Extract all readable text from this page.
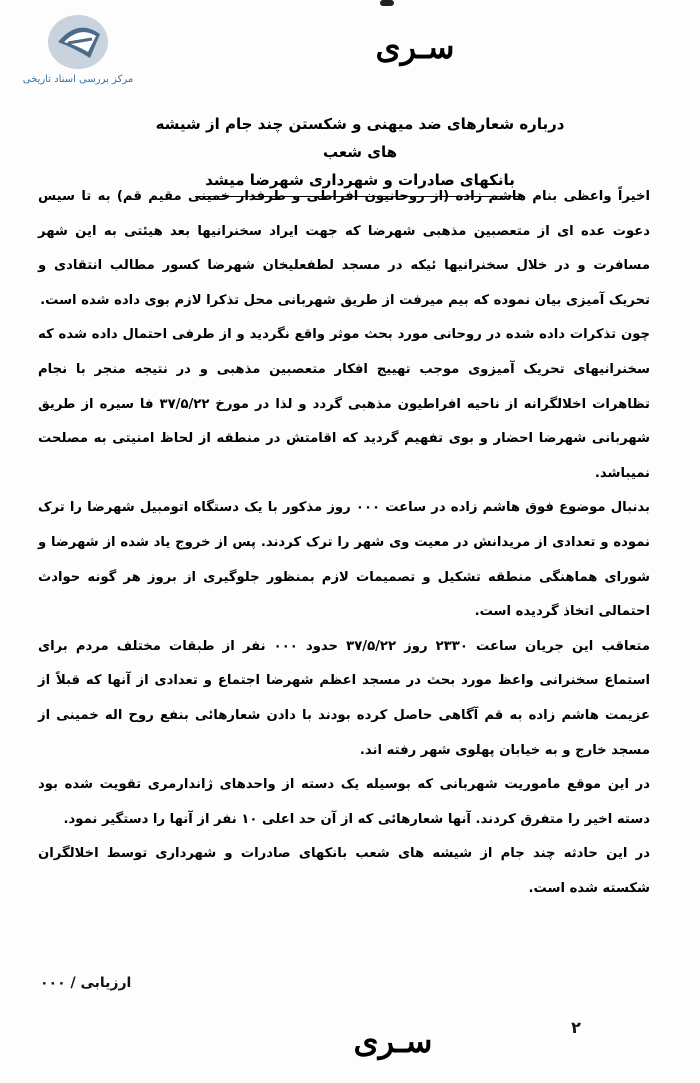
مرکز بررسی اسناد تاریخی
سـری
درباره شعارهای ضد میهنی و شکستن چند جام از شیشه های شعب
بانکهای صادرات و شهرداری شهرضا میشد

اخیراً واعظی بنام هاشم زاده (از روحانیون افراطی و طرفدار خمینی مقیم قم) به تا سیس دعوت عده ای از متعصبین مذهبی شهرضا که جهت ایراد سخنرانیها بعد هیئتی به این شهر مسافرت و در خلال سخنرانیها ئیکه در مسجد لطفعلیخان شهرضا کسور مطالب انتقادی و تحریک آمیزی بیان نموده که بیم میرفت از طریق شهربانی محل تذکرا لازم بوی داده شده است.

چون تذکرات داده شده در روحانی مورد بحث موثر واقع نگردید و از طرفی احتمال داده شده که سخنرانیهای تحریک آمیزوی موجب تهییج افکار متعصبین مذهبی و در نتیجه منجر با نجام تظاهرات اخلالگرانه از ناحیه افراطیون مذهبی گردد و لذا در مورخ ۳۷/۵/۲۲ فا سیره از طریق شهربانی شهرضا احضار و بوی تفهیم گردید که اقامتش در منطقه از لحاظ امنیتی به مصلحت نمیباشد.

بدنبال موضوع فوق هاشم زاده در ساعت ۰۰۰ روز مذکور با یک دستگاه اتومبیل شهرضا را ترک نموده و تعدادی از مریدانش در معیت وی شهر را ترک کردند. پس از خروج یاد شده از شهرضا و شورای هماهنگی منطقه تشکیل و تصمیمات لازم بمنظور جلوگیری از بروز هر گونه حوادث احتمالی اتخاذ گردیده است.

متعاقب این جریان ساعت ۲۳۳۰ روز ۳۷/۵/۲۲ حدود ۰۰۰ نفر از طبقات مختلف مردم برای استماع سخنرانی واعظ مورد بحث در مسجد اعظم شهرضا اجتماع و تعدادی از آنها که قبلاً از عزیمت هاشم زاده به قم آگاهی حاصل کرده بودند با دادن شعارهائی بنفع روح اله خمینی از مسجد خارج و به خیابان پهلوی شهر رفته اند.

در این موقع ماموریت شهربانی که بوسیله یک دسته از واحدهای ژاندارمری تقویت شده بود دسته اخیر را متفرق کردند. آنها شعارهائی که از آن حد اعلی ۱۰ نفر از آنها را دستگیر نمود.

در این حادثه چند جام از شیشه های شعب بانکهای صادرات و شهرداری توسط اخلالگران شکسته شده است.

ارزیابی / ۰۰۰
سـری	۲
